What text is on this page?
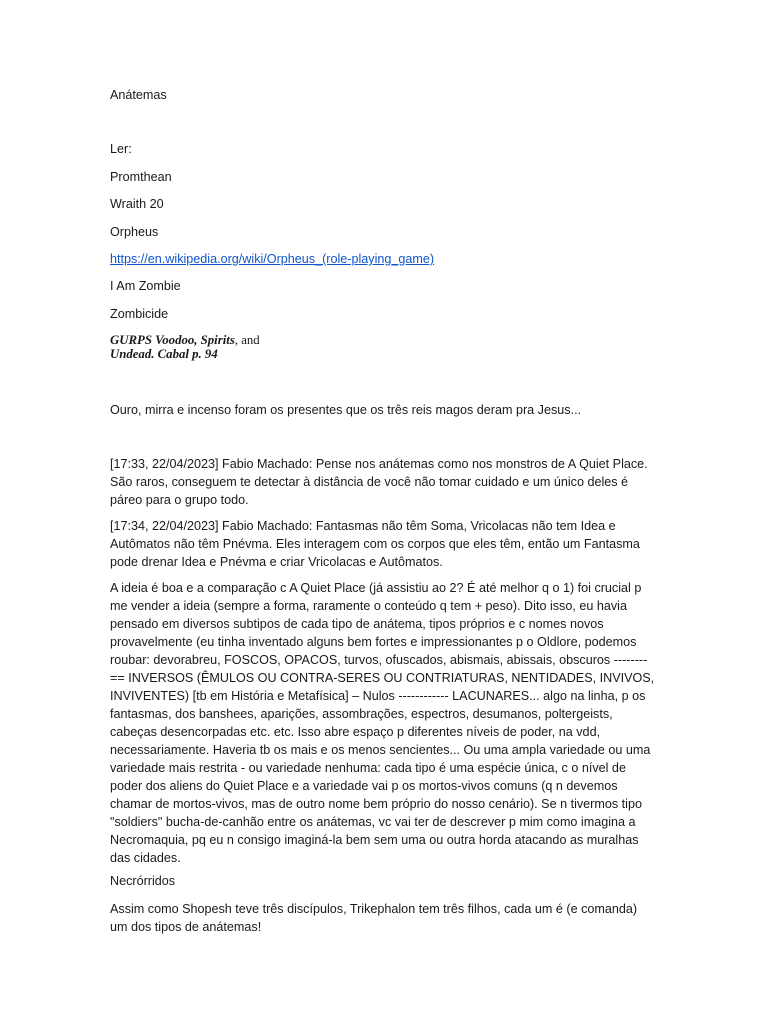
Anátemas

Ler:

Promthean

Wraith 20

Orpheus

https://en.wikipedia.org/wiki/Orpheus_(role-playing_game)

I Am Zombie

Zombicide

GURPS Voodoo, Spirits, and
Undead. Cabal p. 94

Ouro, mirra e incenso foram os presentes que os três reis magos deram pra Jesus...

[17:33, 22/04/2023] Fabio Machado: Pense nos anátemas como nos monstros de A Quiet Place. São raros, conseguem te detectar à distância de você não tomar cuidado e um único deles é páreo para o grupo todo.

[17:34, 22/04/2023] Fabio Machado: Fantasmas não têm Soma, Vricolacas não tem Idea e Autômatos não têm Pnévma. Eles interagem com os corpos que eles têm, então um Fantasma pode drenar Idea e Pnévma e criar Vricolacas e Autômatos.

A ideia é boa e a comparação c A Quiet Place (já assistiu ao 2? É até melhor q o 1) foi crucial p me vender a ideia (sempre a forma, raramente o conteúdo q tem + peso). Dito isso, eu havia pensado em diversos subtipos de cada tipo de anátema, tipos próprios e c nomes novos provavelmente (eu tinha inventado alguns bem fortes e impressionantes p o Oldlore, podemos roubar: devorabreu, FOSCOS, OPACOS, turvos, ofuscados, abismais, abissais, obscuros --------== INVERSOS (ÊMULOS OU CONTRA-SERES OU CONTRIATURAS, NENTIDADES, INVIVOS, INVIVENTES) [tb em História e Metafísica] – Nulos ------------ LACUNARES... algo na linha, p os fantasmas, dos banshees, aparições, assombrações, espectros, desumanos, poltergeists, cabeças desencorpadas etc. etc. Isso abre espaço p diferentes níveis de poder, na vdd, necessariamente. Haveria tb os mais e os menos sencientes... Ou uma ampla variedade ou uma variedade mais restrita - ou variedade nenhuma: cada tipo é uma espécie única, c o nível de poder dos aliens do Quiet Place e a variedade vai p os mortos-vivos comuns (q n devemos chamar de mortos-vivos, mas de outro nome bem próprio do nosso cenário). Se n tivermos tipo "soldiers" bucha-de-canhão entre os anátemas, vc vai ter de descrever p mim como imagina a Necromaquia, pq eu n consigo imaginá-la bem sem uma ou outra horda atacando as muralhas das cidades.

Necrórridos

Assim como Shopesh teve três discípulos, Trikephalon tem três filhos, cada um é (e comanda) um dos tipos de anátemas!
